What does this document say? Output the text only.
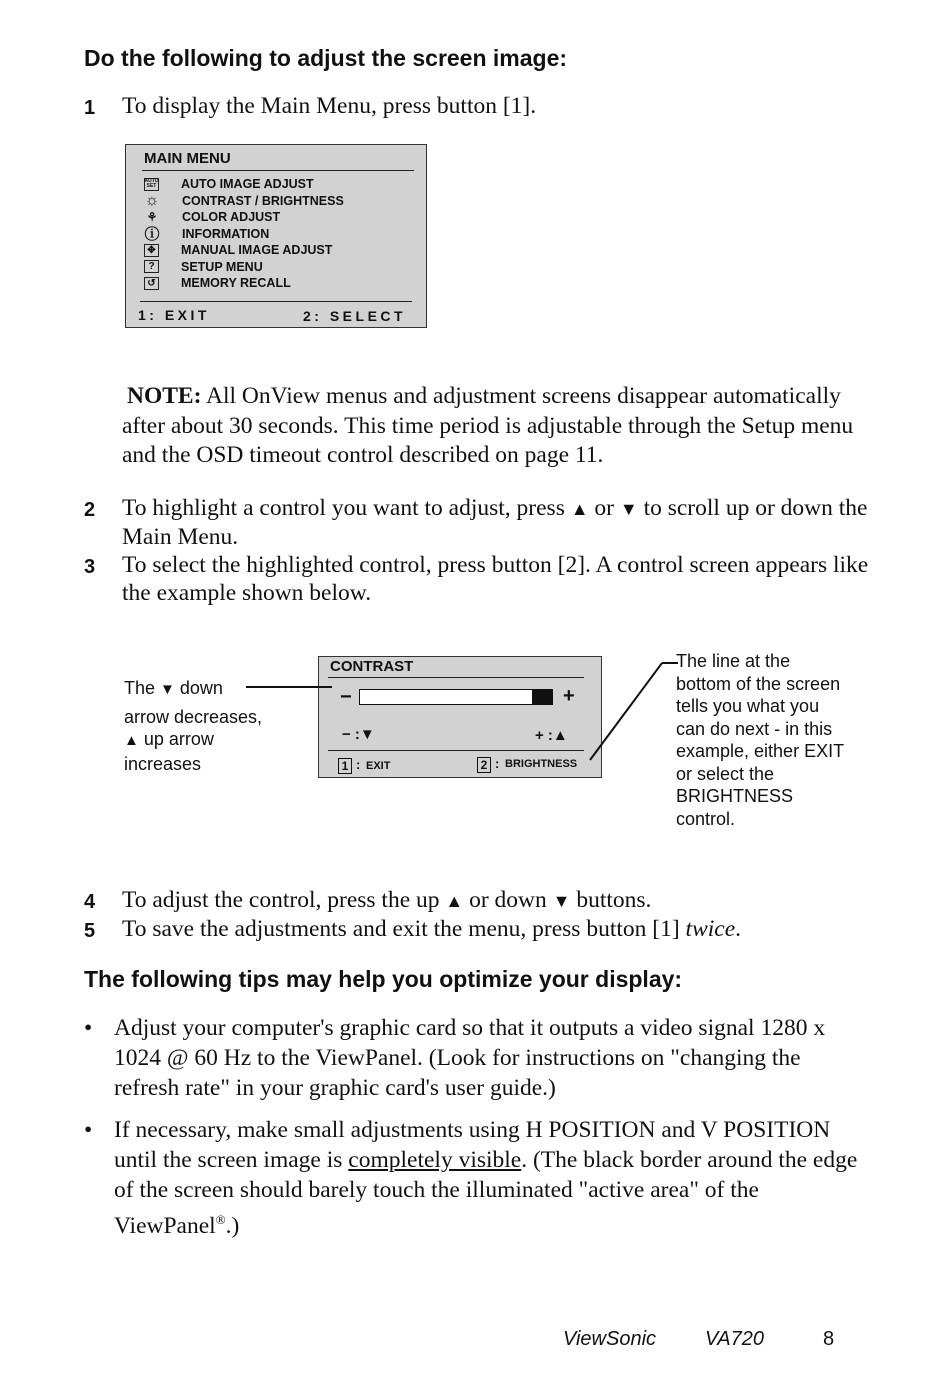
Do the following to adjust the screen image:
1 To display the Main Menu, press button [1].
MAIN MENU
AUTO
SET AUTO IMAGE ADJUST
☼ CONTRAST / BRIGHTNESS
⚘ COLOR ADJUST
ⓘ INFORMATION
✥ MANUAL IMAGE ADJUST
?	SETUP MENU
↺ MEMORY RECALL
1: EXIT	2: SELECT
NOTE: All OnView menus and adjustment screens disappear automatically after about 30 seconds. This time period is adjustable through the Setup menu and the OSD timeout control described on page 11.
2 To highlight a control you want to adjust, press ▲ or ▼ to scroll up or down the Main Menu.
3 To select the highlighted control, press button [2]. A control screen appears like the example shown below.
CONTRAST
−	+
− :▼	+ :▲
1 : EXIT	2 : BRIGHTNESS
The ▼ down
arrow decreases,
▲ up arrow
increases
The line at the
bottom of the screen
tells you what you
can do next - in this
example, either EXIT
or select the
BRIGHTNESS
control.
4 To adjust the control, press the up ▲ or down ▼ buttons.
5 To save the adjustments and exit the menu, press button [1] twice.
The following tips may help you optimize your display:
• Adjust your computer's graphic card so that it outputs a video signal 1280 x 1024 @ 60 Hz to the ViewPanel. (Look for instructions on "changing the refresh rate" in your graphic card's user guide.)
• If necessary, make small adjustments using H POSITION and V POSITION until the screen image is completely visible. (The black border around the edge of the screen should barely touch the illuminated "active area" of the ViewPanel®.)
ViewSonic VA720	8
